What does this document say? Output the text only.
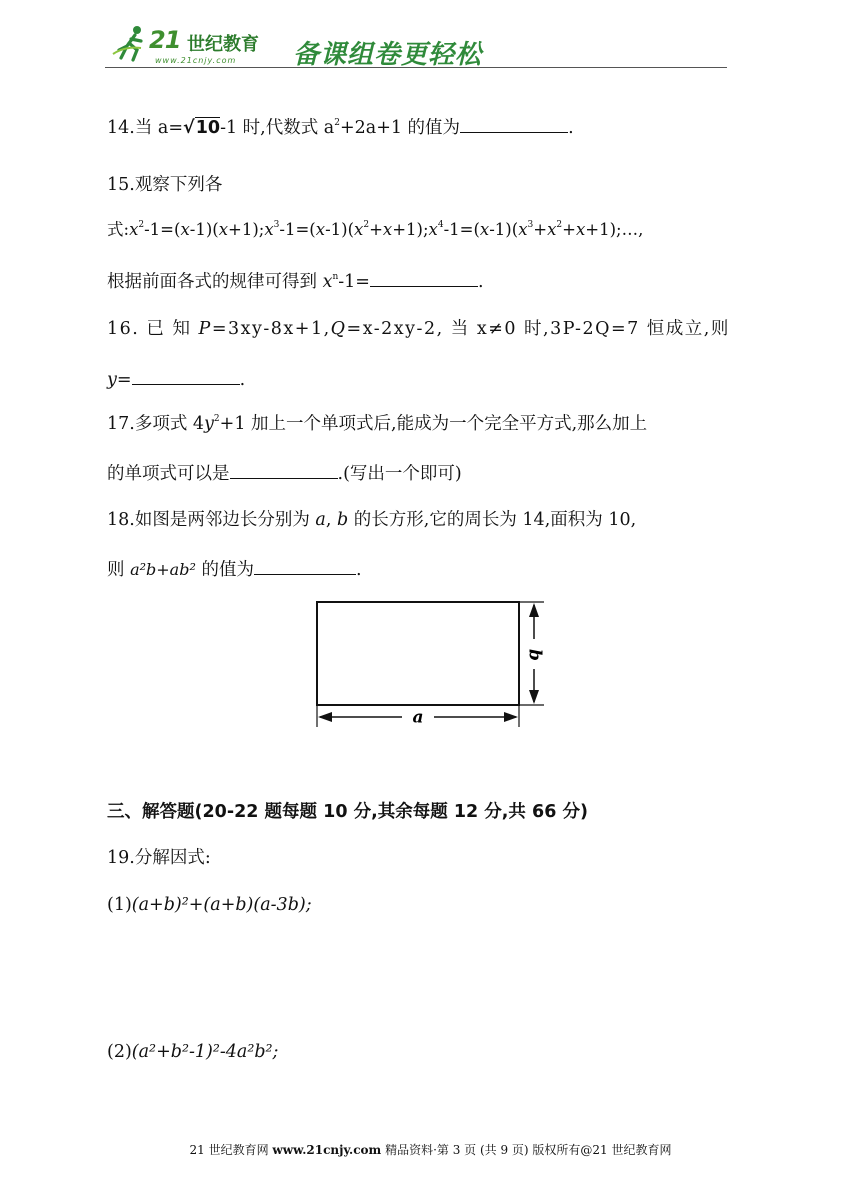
21 世纪教育
www.21cnjy.com 备课组卷更轻松
14.当 a=√10-1 时,代数式 $a^2+2a+1$ 的值为	.
15.观察下列各
式$:x^2-1=(x-1)(x+1);x^3-1=(x-1)(x^2+x+1);x^4-1=(x-1)(x^3+x^2+x+1);\dots$,
根据前面各式的规律可得到 $x^n-1=$	.
16. 已 知 P=3xy-8x+1,Q=x-2xy-2, 当 x≠0 时,3P-2Q=7 恒成立,则
y=	.
17.多项式 $4y^2+1$ 加上一个单项式后,能成为一个完全平方式,那么加上
的单项式可以是	.(写出一个即可)
18.如图是两邻边长分别为 a, b 的长方形,它的周长为 14,面积为 10,
则 a²b+ab² 的值为	.
b
a
三、解答题(20-22 题每题 10 分,其余每题 12 分,共 66 分)
19.分解因式:
(1)(a+b)²+(a+b)(a-3b);
(2)(a²+b²-1)²-4a²b²;
21 世纪教育网 www.21cnjy.com 精品资料·第 3 页 (共 9 页) 版权所有@21 世纪教育网
